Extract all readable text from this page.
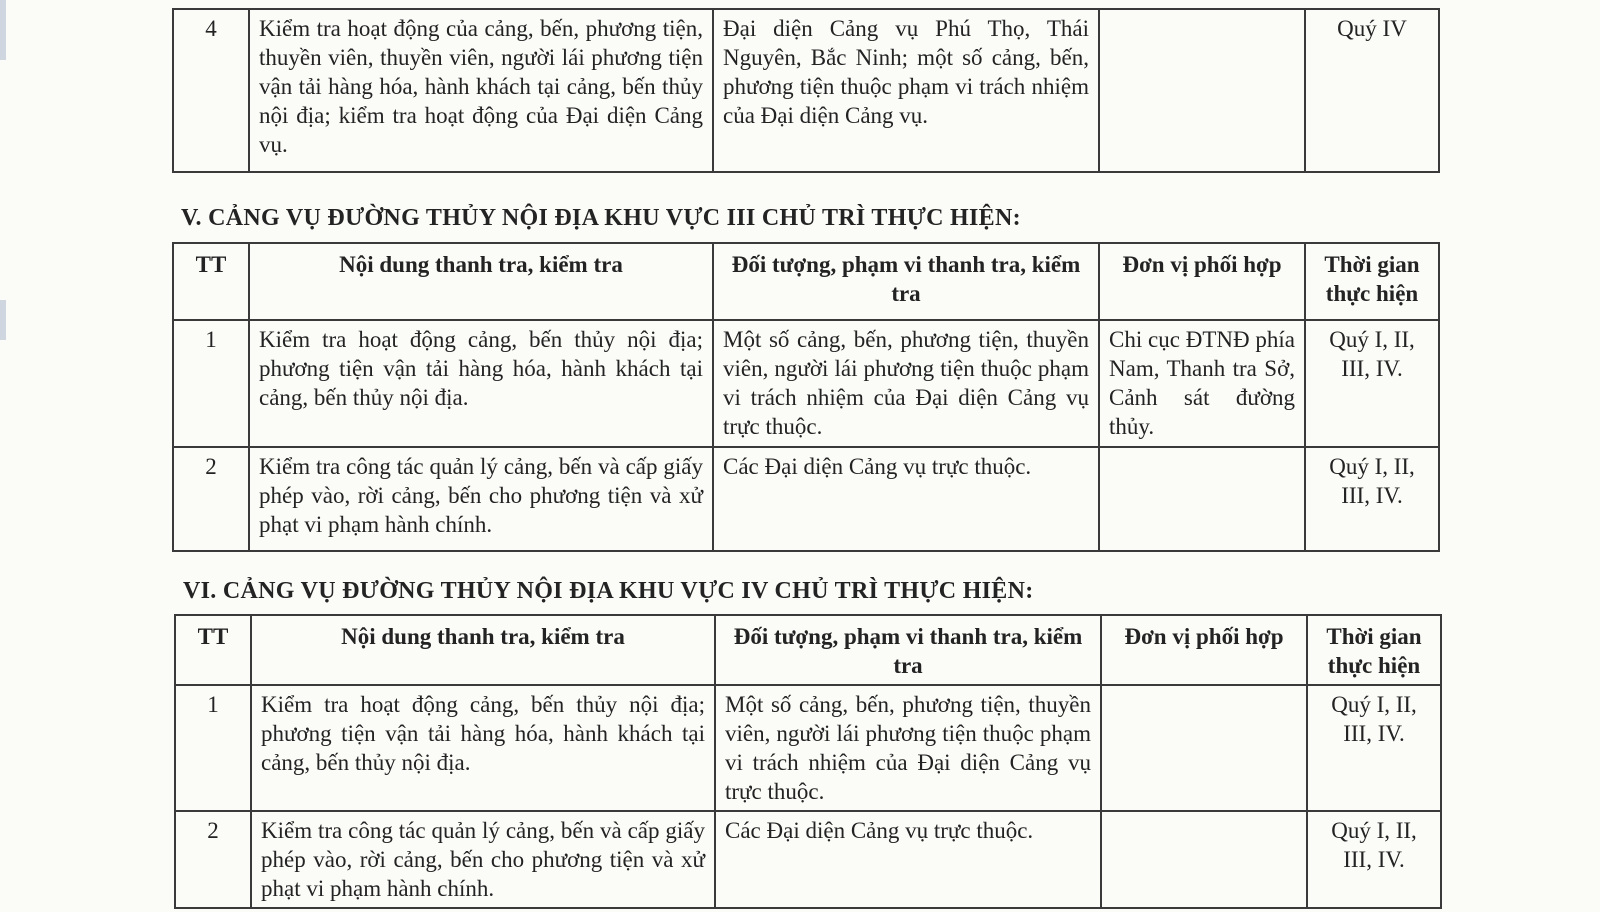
4	Kiểm tra hoạt động của cảng, bến, phương tiện, thuyền viên, thuyền viên, người lái phương tiện vận tải hàng hóa, hành khách tại cảng, bến thủy nội địa; kiểm tra hoạt động của Đại diện Cảng vụ.	Đại diện Cảng vụ Phú Thọ, Thái Nguyên, Bắc Ninh; một số cảng, bến, phương tiện thuộc phạm vi trách nhiệm của Đại diện Cảng vụ.		Quý IV
V. CẢNG VỤ ĐƯỜNG THỦY NỘI ĐỊA KHU VỰC III CHỦ TRÌ THỰC HIỆN:
TT	Nội dung thanh tra, kiểm tra	Đối tượng, phạm vi thanh tra, kiểm tra	Đơn vị phối hợp	Thời gian thực hiện
1	Kiểm tra hoạt động cảng, bến thủy nội địa; phương tiện vận tải hàng hóa, hành khách tại cảng, bến thủy nội địa.	Một số cảng, bến, phương tiện, thuyền viên, người lái phương tiện thuộc phạm vi trách nhiệm của Đại diện Cảng vụ trực thuộc.	Chi cục ĐTNĐ phía Nam, Thanh tra Sở, Cảnh sát đường thủy.	Quý I, II, III, IV.
2	Kiểm tra công tác quản lý cảng, bến và cấp giấy phép vào, rời cảng, bến cho phương tiện và xử phạt vi phạm hành chính.	Các Đại diện Cảng vụ trực thuộc.		Quý I, II, III, IV.
VI. CẢNG VỤ ĐƯỜNG THỦY NỘI ĐỊA KHU VỰC IV CHỦ TRÌ THỰC HIỆN:
TT	Nội dung thanh tra, kiểm tra	Đối tượng, phạm vi thanh tra, kiểm tra	Đơn vị phối hợp	Thời gian thực hiện
1	Kiểm tra hoạt động cảng, bến thủy nội địa; phương tiện vận tải hàng hóa, hành khách tại cảng, bến thủy nội địa.	Một số cảng, bến, phương tiện, thuyền viên, người lái phương tiện thuộc phạm vi trách nhiệm của Đại diện Cảng vụ trực thuộc.		Quý I, II, III, IV.
2	Kiểm tra công tác quản lý cảng, bến và cấp giấy phép vào, rời cảng, bến cho phương tiện và xử phạt vi phạm hành chính.	Các Đại diện Cảng vụ trực thuộc.		Quý I, II, III, IV.
